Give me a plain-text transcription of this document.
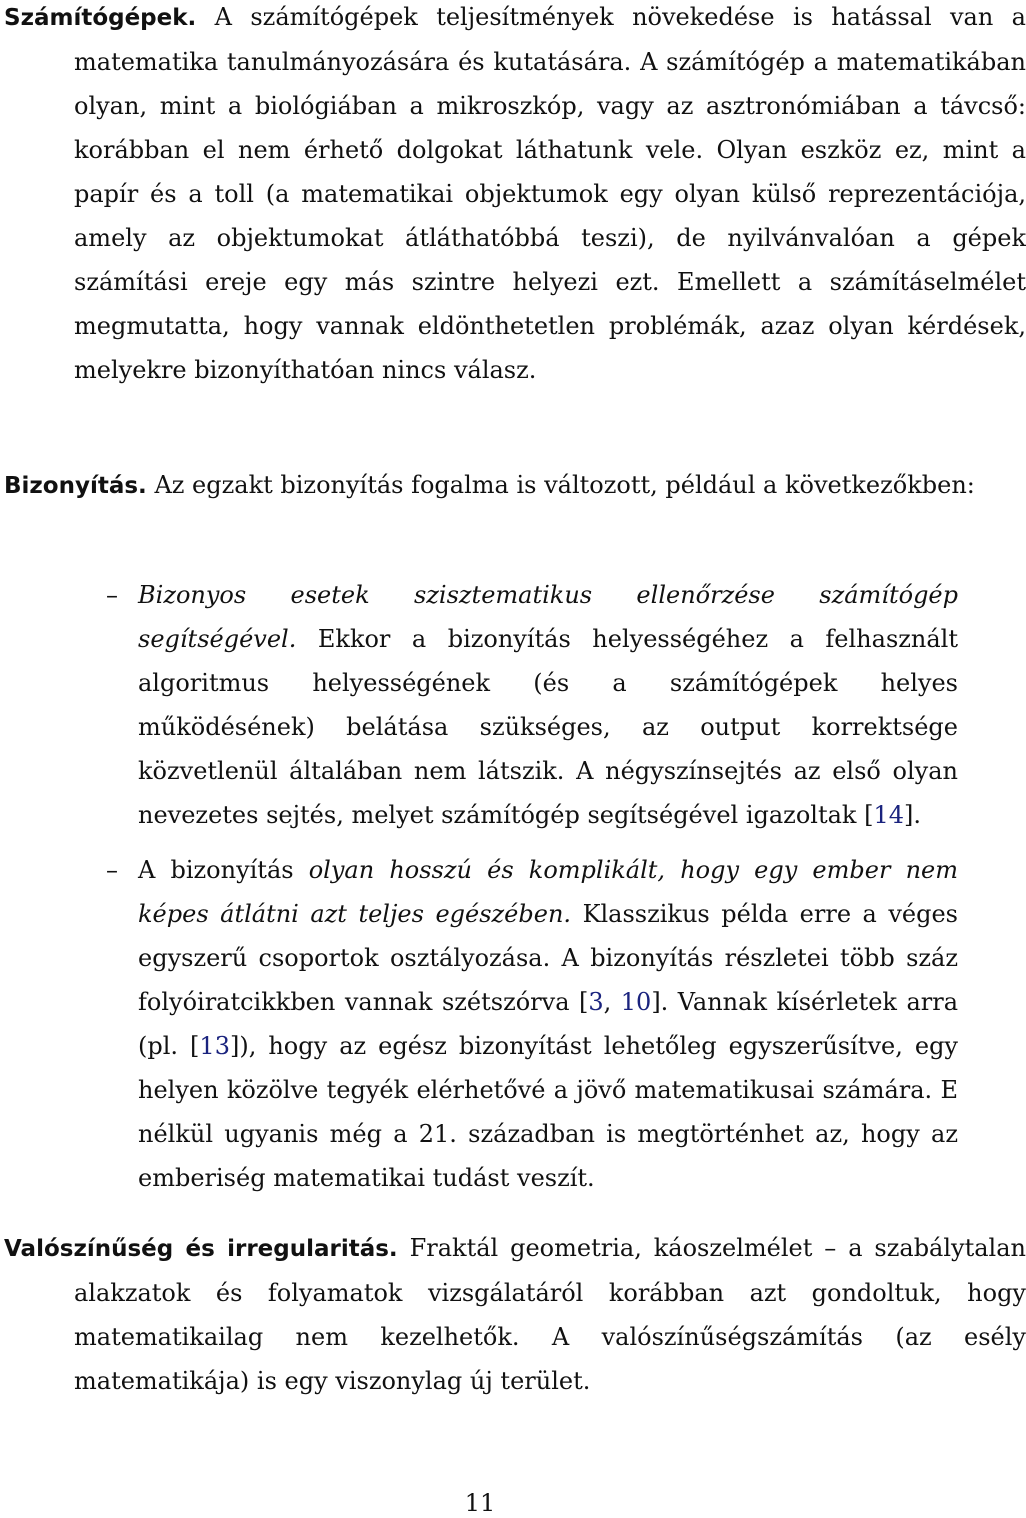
Számítógépek. A számítógépek teljesítmények növekedése is hatással van a matematika tanulmányozására és kutatására. A számítógép a matematikában olyan, mint a biológiában a mikroszkóp, vagy az asztronómiában a távcső: korábban el nem érhető dolgokat láthatunk vele. Olyan eszköz ez, mint a papír és a toll (a matematikai objektumok egy olyan külső reprezentációja, amely az objektumokat átláthatóbbá teszi), de nyilvánvalóan a gépek számítási ereje egy más szintre helyezi ezt. Emellett a számításelmélet megmutatta, hogy vannak eldönthetetlen problémák, azaz olyan kérdések, melyekre bizonyíthatóan nincs válasz.
Bizonyítás. Az egzakt bizonyítás fogalma is változott, például a következőkben:
– Bizonyos esetek szisztematikus ellenőrzése számítógép segítségével. Ekkor a bizonyítás helyességéhez a felhasznált algoritmus helyességének (és a számítógépek helyes működésének) belátása szükséges, az output korrektsége közvetlenül általában nem látszik. A négyszínsejtés az első olyan nevezetes sejtés, melyet számítógép segítségével igazoltak [14].
– A bizonyítás olyan hosszú és komplikált, hogy egy ember nem képes átlátni azt teljes egészében. Klasszikus példa erre a véges egyszerű csoportok osztályozása. A bizonyítás részletei több száz folyóiratcikkben vannak szétszórva [3, 10]. Vannak kísérletek arra (pl. [13]), hogy az egész bizonyítást lehetőleg egyszerűsítve, egy helyen közölve tegyék elérhetővé a jövő matematikusai számára. E nélkül ugyanis még a 21. században is megtörténhet az, hogy az emberiség matematikai tudást veszít.
Valószínűség és irregularitás. Fraktál geometria, káoszelmélet – a szabálytalan alakzatok és folyamatok vizsgálatáról korábban azt gondoltuk, hogy matematikailag nem kezelhetők. A valószínűségszámítás (az esély matematikája) is egy viszonylag új terület.
11
